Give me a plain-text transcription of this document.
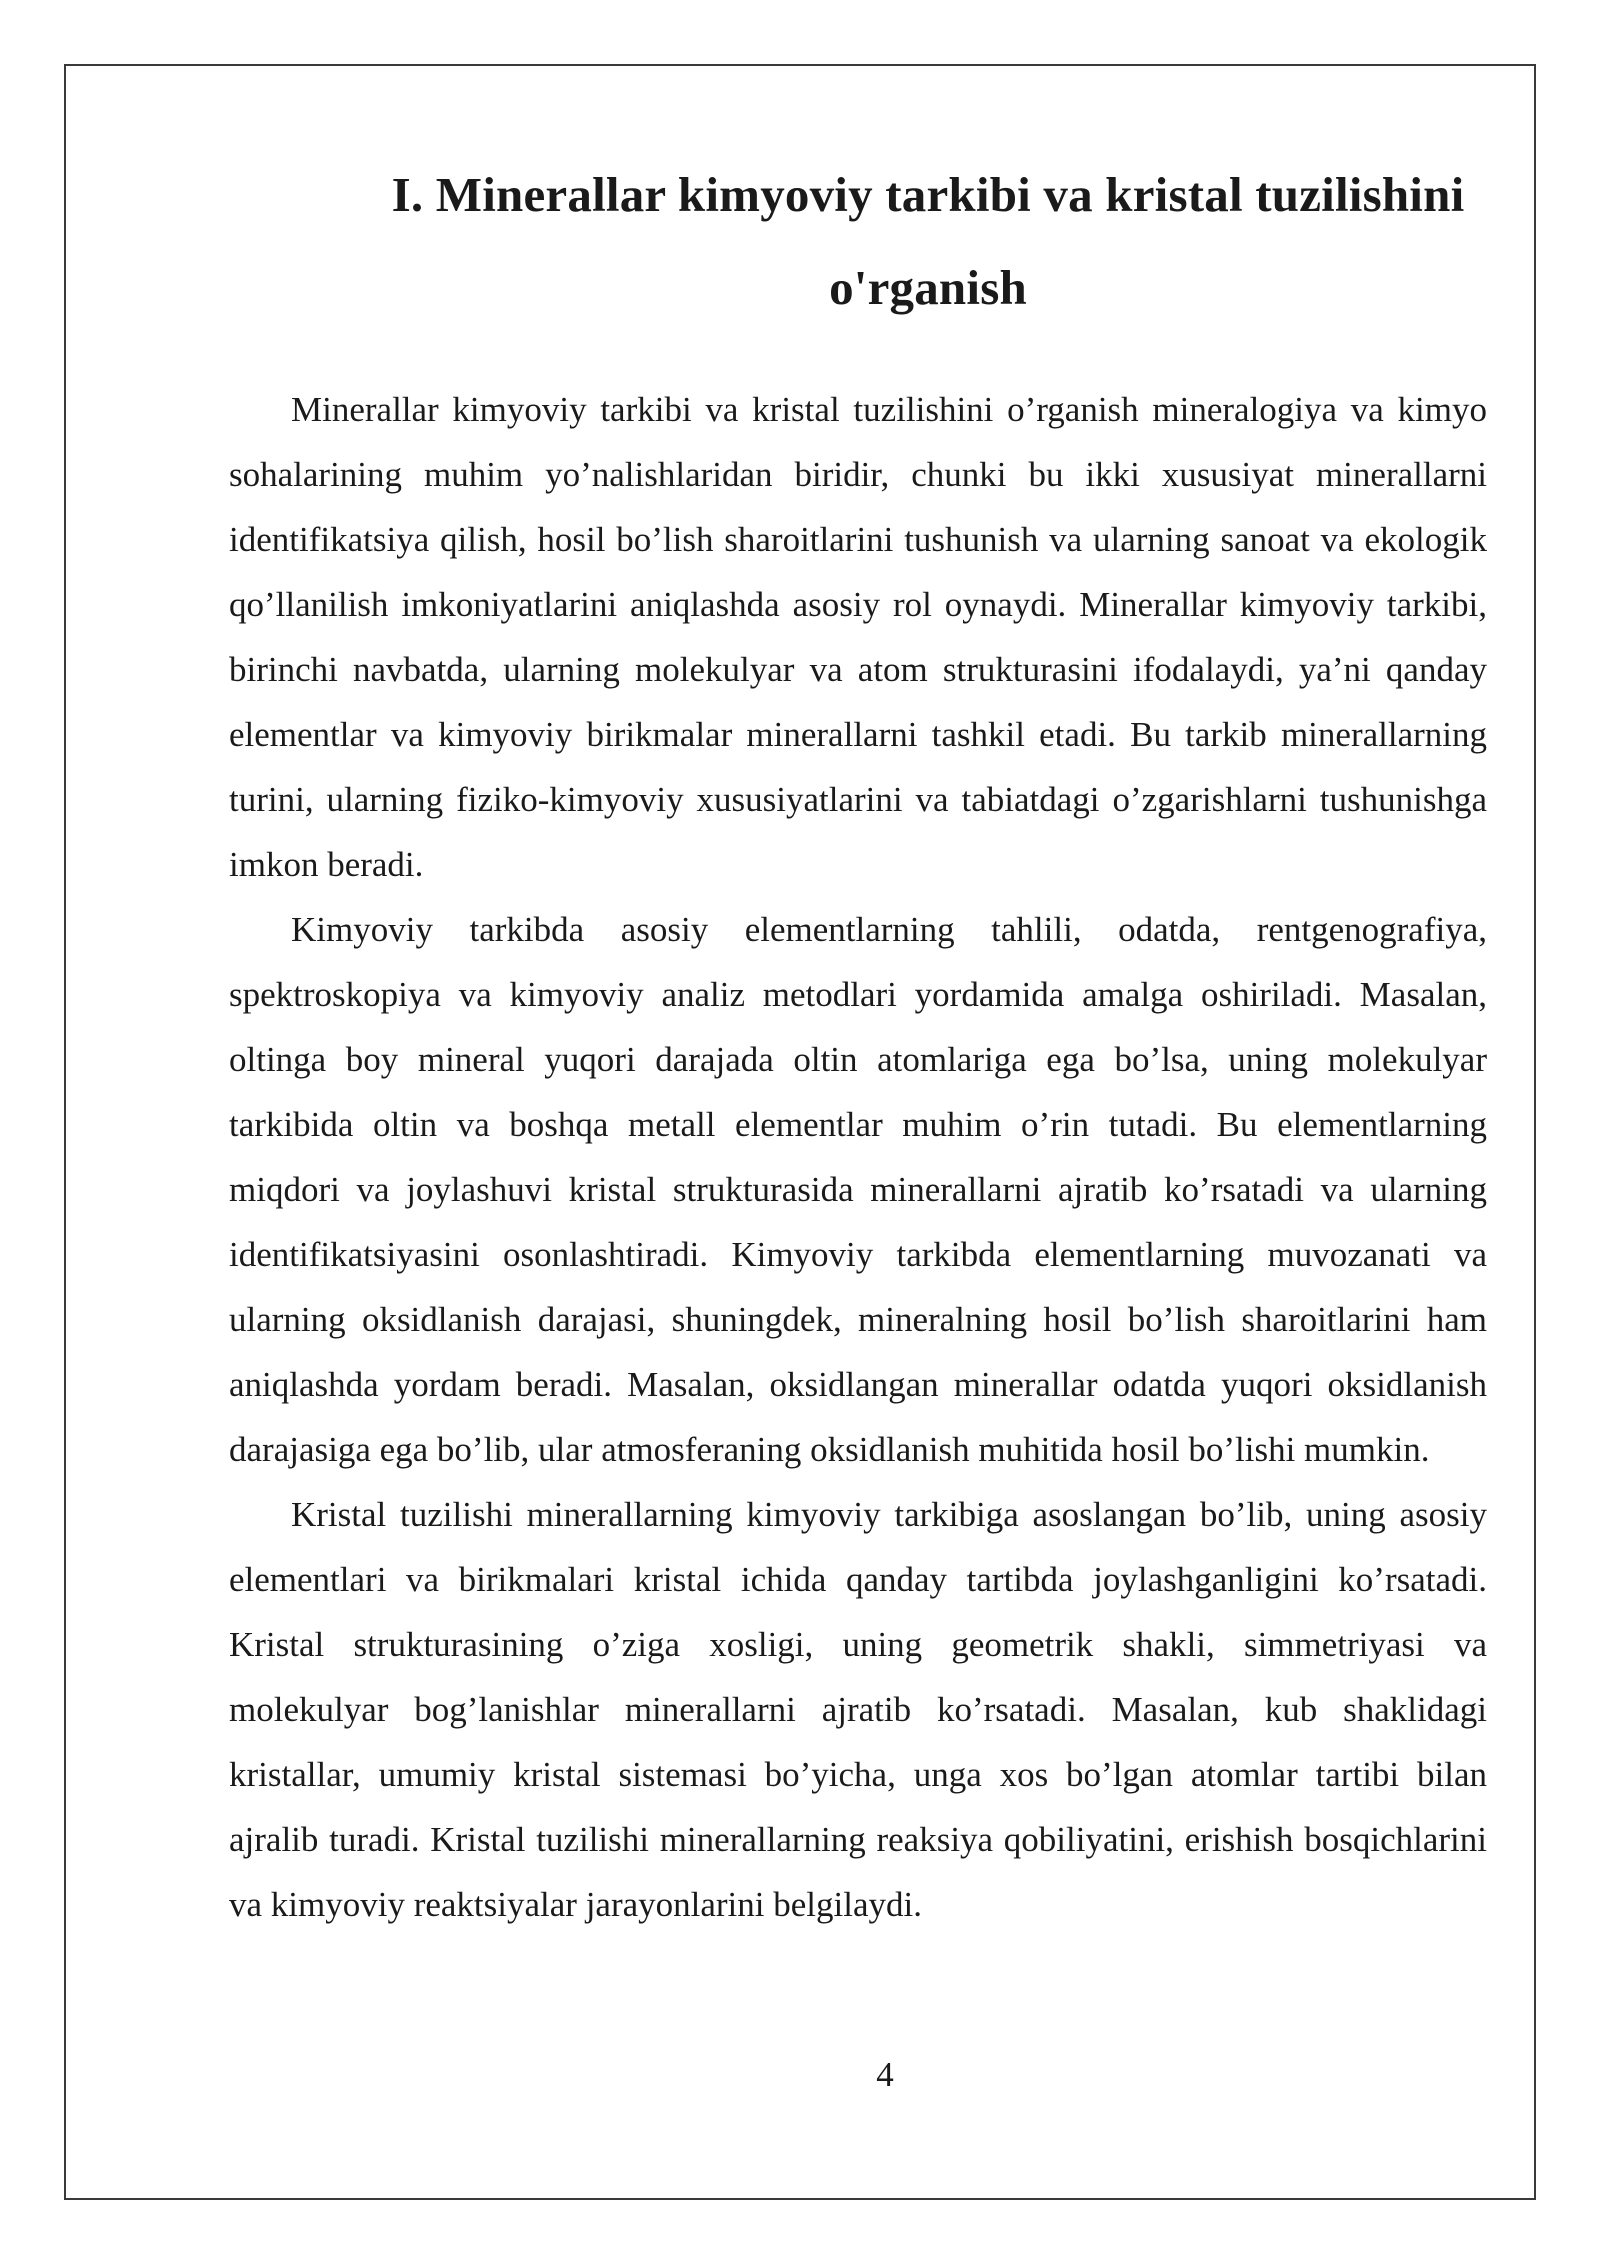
I. Minerallar kimyoviy tarkibi va kristal tuzilishini
o'rganish

Minerallar kimyoviy tarkibi va kristal tuzilishini o’rganish mineralogiya va kimyo sohalarining muhim yo’nalishlaridan biridir, chunki bu ikki xususiyat minerallarni identifikatsiya qilish, hosil bo’lish sharoitlarini tushunish va ularning sanoat va ekologik qo’llanilish imkoniyatlarini aniqlashda asosiy rol oynaydi. Minerallar kimyoviy tarkibi, birinchi navbatda, ularning molekulyar va atom strukturasini ifodalaydi, ya’ni qanday elementlar va kimyoviy birikmalar minerallarni tashkil etadi. Bu tarkib minerallarning turini, ularning fiziko-kimyoviy xususiyatlarini va tabiatdagi o’zgarishlarni tushunishga imkon beradi.

Kimyoviy tarkibda asosiy elementlarning tahlili, odatda, rentgenografiya, spektroskopiya va kimyoviy analiz metodlari yordamida amalga oshiriladi. Masalan, oltinga boy mineral yuqori darajada oltin atomlariga ega bo’lsa, uning molekulyar tarkibida oltin va boshqa metall elementlar muhim o’rin tutadi. Bu elementlarning miqdori va joylashuvi kristal strukturasida minerallarni ajratib ko’rsatadi va ularning identifikatsiyasini osonlashtiradi. Kimyoviy tarkibda elementlarning muvozanati va ularning oksidlanish darajasi, shuningdek, mineralning hosil bo’lish sharoitlarini ham aniqlashda yordam beradi. Masalan, oksidlangan minerallar odatda yuqori oksidlanish darajasiga ega bo’lib, ular atmosferaning oksidlanish muhitida hosil bo’lishi mumkin.

Kristal tuzilishi minerallarning kimyoviy tarkibiga asoslangan bo’lib, uning asosiy elementlari va birikmalari kristal ichida qanday tartibda joylashganligini ko’rsatadi. Kristal strukturasining o’ziga xosligi, uning geometrik shakli, simmetriyasi va molekulyar bog’lanishlar minerallarni ajratib ko’rsatadi. Masalan, kub shaklidagi kristallar, umumiy kristal sistemasi bo’yicha, unga xos bo’lgan atomlar tartibi bilan ajralib turadi. Kristal tuzilishi minerallarning reaksiya qobiliyatini, erishish bosqichlarini va kimyoviy reaktsiyalar jarayonlarini belgilaydi.

4
